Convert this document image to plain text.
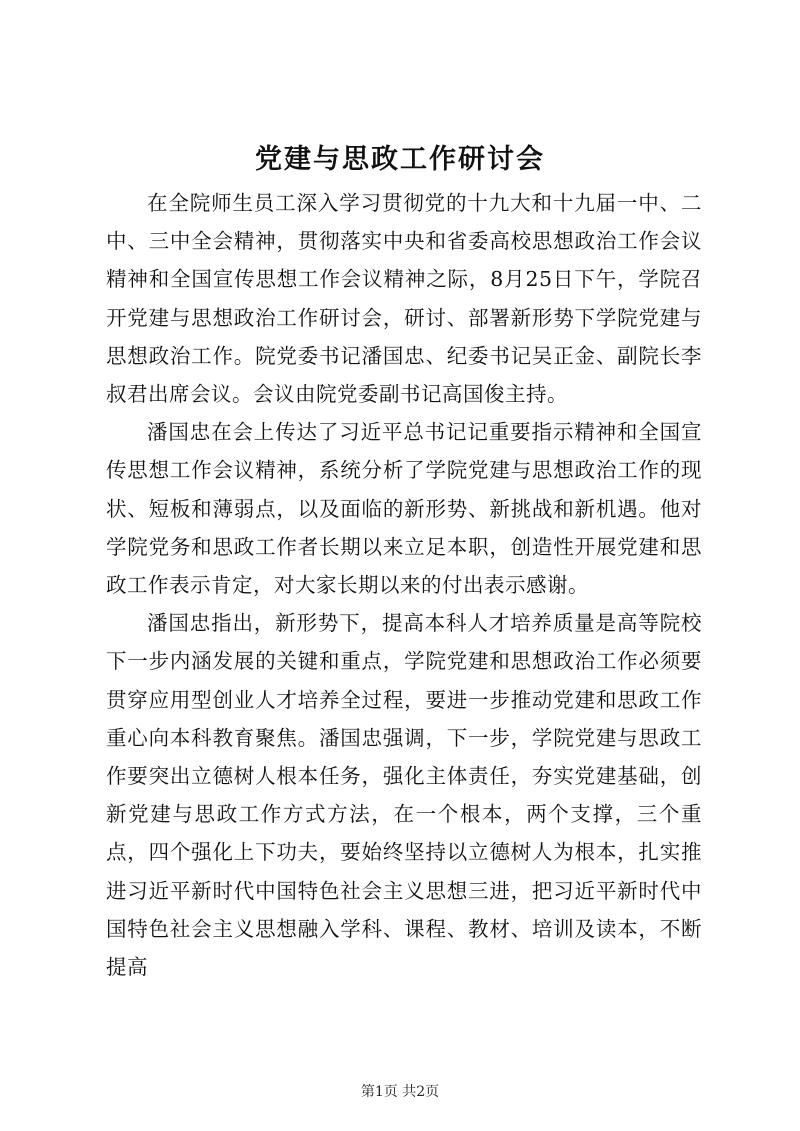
党建与思政工作研讨会

在全院师生员工深入学习贯彻党的十九大和十九届一中、二中、三中全会精神，贯彻落实中央和省委高校思想政治工作会议精神和全国宣传思想工作会议精神之际，8月25日下午，学院召开党建与思想政治工作研讨会，研讨、部署新形势下学院党建与思想政治工作。院党委书记潘国忠、纪委书记吴正金、副院长李叔君出席会议。会议由院党委副书记高国俊主持。

潘国忠在会上传达了习近平总书记记重要指示精神和全国宣传思想工作会议精神，系统分析了学院党建与思想政治工作的现状、短板和薄弱点，以及面临的新形势、新挑战和新机遇。他对学院党务和思政工作者长期以来立足本职，创造性开展党建和思政工作表示肯定，对大家长期以来的付出表示感谢。

潘国忠指出，新形势下，提高本科人才培养质量是高等院校下一步内涵发展的关键和重点，学院党建和思想政治工作必须要贯穿应用型创业人才培养全过程，要进一步推动党建和思政工作重心向本科教育聚焦。潘国忠强调，下一步，学院党建与思政工作要突出立德树人根本任务，强化主体责任，夯实党建基础，创新党建与思政工作方式方法，在一个根本，两个支撑，三个重点，四个强化上下功夫，要始终坚持以立德树人为根本，扎实推进习近平新时代中国特色社会主义思想三进，把习近平新时代中国特色社会主义思想融入学科、课程、教材、培训及读本，不断提高

第1页 共2页
